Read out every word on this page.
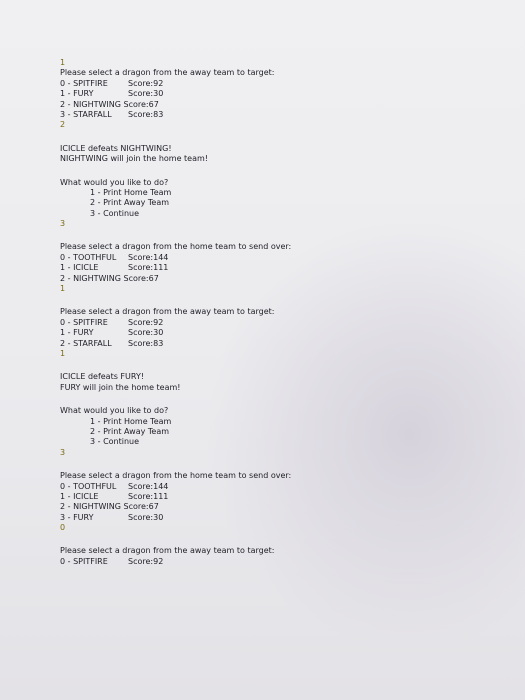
1
Please select a dragon from the away team to target:
0 - SPITFIRE	Score:92
1 - FURY	Score:30
2 - NIGHTWING Score:67
3 - STARFALL Score:83
2
ICICLE defeats NIGHTWING!
NIGHTWING will join the home team!
What would you like to do?
1 - Print Home Team
2 - Print Away Team
3 - Continue
3
Please select a dragon from the home team to send over:
0 - TOOTHFUL Score:144
1 - ICICLE	Score:111
2 - NIGHTWING Score:67
1
Please select a dragon from the away team to target:
0 - SPITFIRE	Score:92
1 - FURY	Score:30
2 - STARFALL Score:83
1
ICICLE defeats FURY!
FURY will join the home team!
What would you like to do?
1 - Print Home Team
2 - Print Away Team
3 - Continue
3
Please select a dragon from the home team to send over:
0 - TOOTHFUL Score:144
1 - ICICLE	Score:111
2 - NIGHTWING Score:67
3 - FURY	Score:30
0
Please select a dragon from the away team to target:
0 - SPITFIRE	Score:92
